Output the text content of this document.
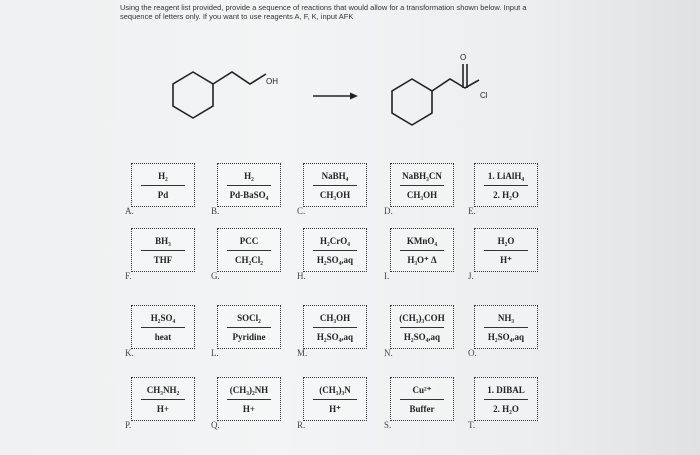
Using the reagent list provided, provide a sequence of reactions that would allow for a transformation shown below. Input a
sequence of letters only. If you want to use reagents A, F, K, input AFK
OH
O
Cl
H₂
Pd
A.
H₂
Pd-BaSO₄
B.
NaBH₄
CH₃OH
C.
NaBH₃CN
CH₃OH
D.
1. LiAlH₄
2. H₂O
E.
BH₃
THF
F.
PCC
CH₂Cl₂
G.
H₂CrO₄
H₂SO₄,aq
H.
KMnO₄
H₃O⁺ Δ
I.
H₂O
H⁺
J.
H₂SO₄
heat
K.
SOCl₂
Pyridine
L.
CH₃OH
H₂SO₄,aq
M.
(CH₃)₃COH
H₂SO₄,aq
N.
NH₃
H₂SO₄,aq
O.
CH₃NH₂
H+
P.
(CH₃)₂NH
H+
Q.
(CH₃)₃N
H⁺
R.
Cu²⁺
Buffer
S.
1. DIBAL
2. H₂O
T.
